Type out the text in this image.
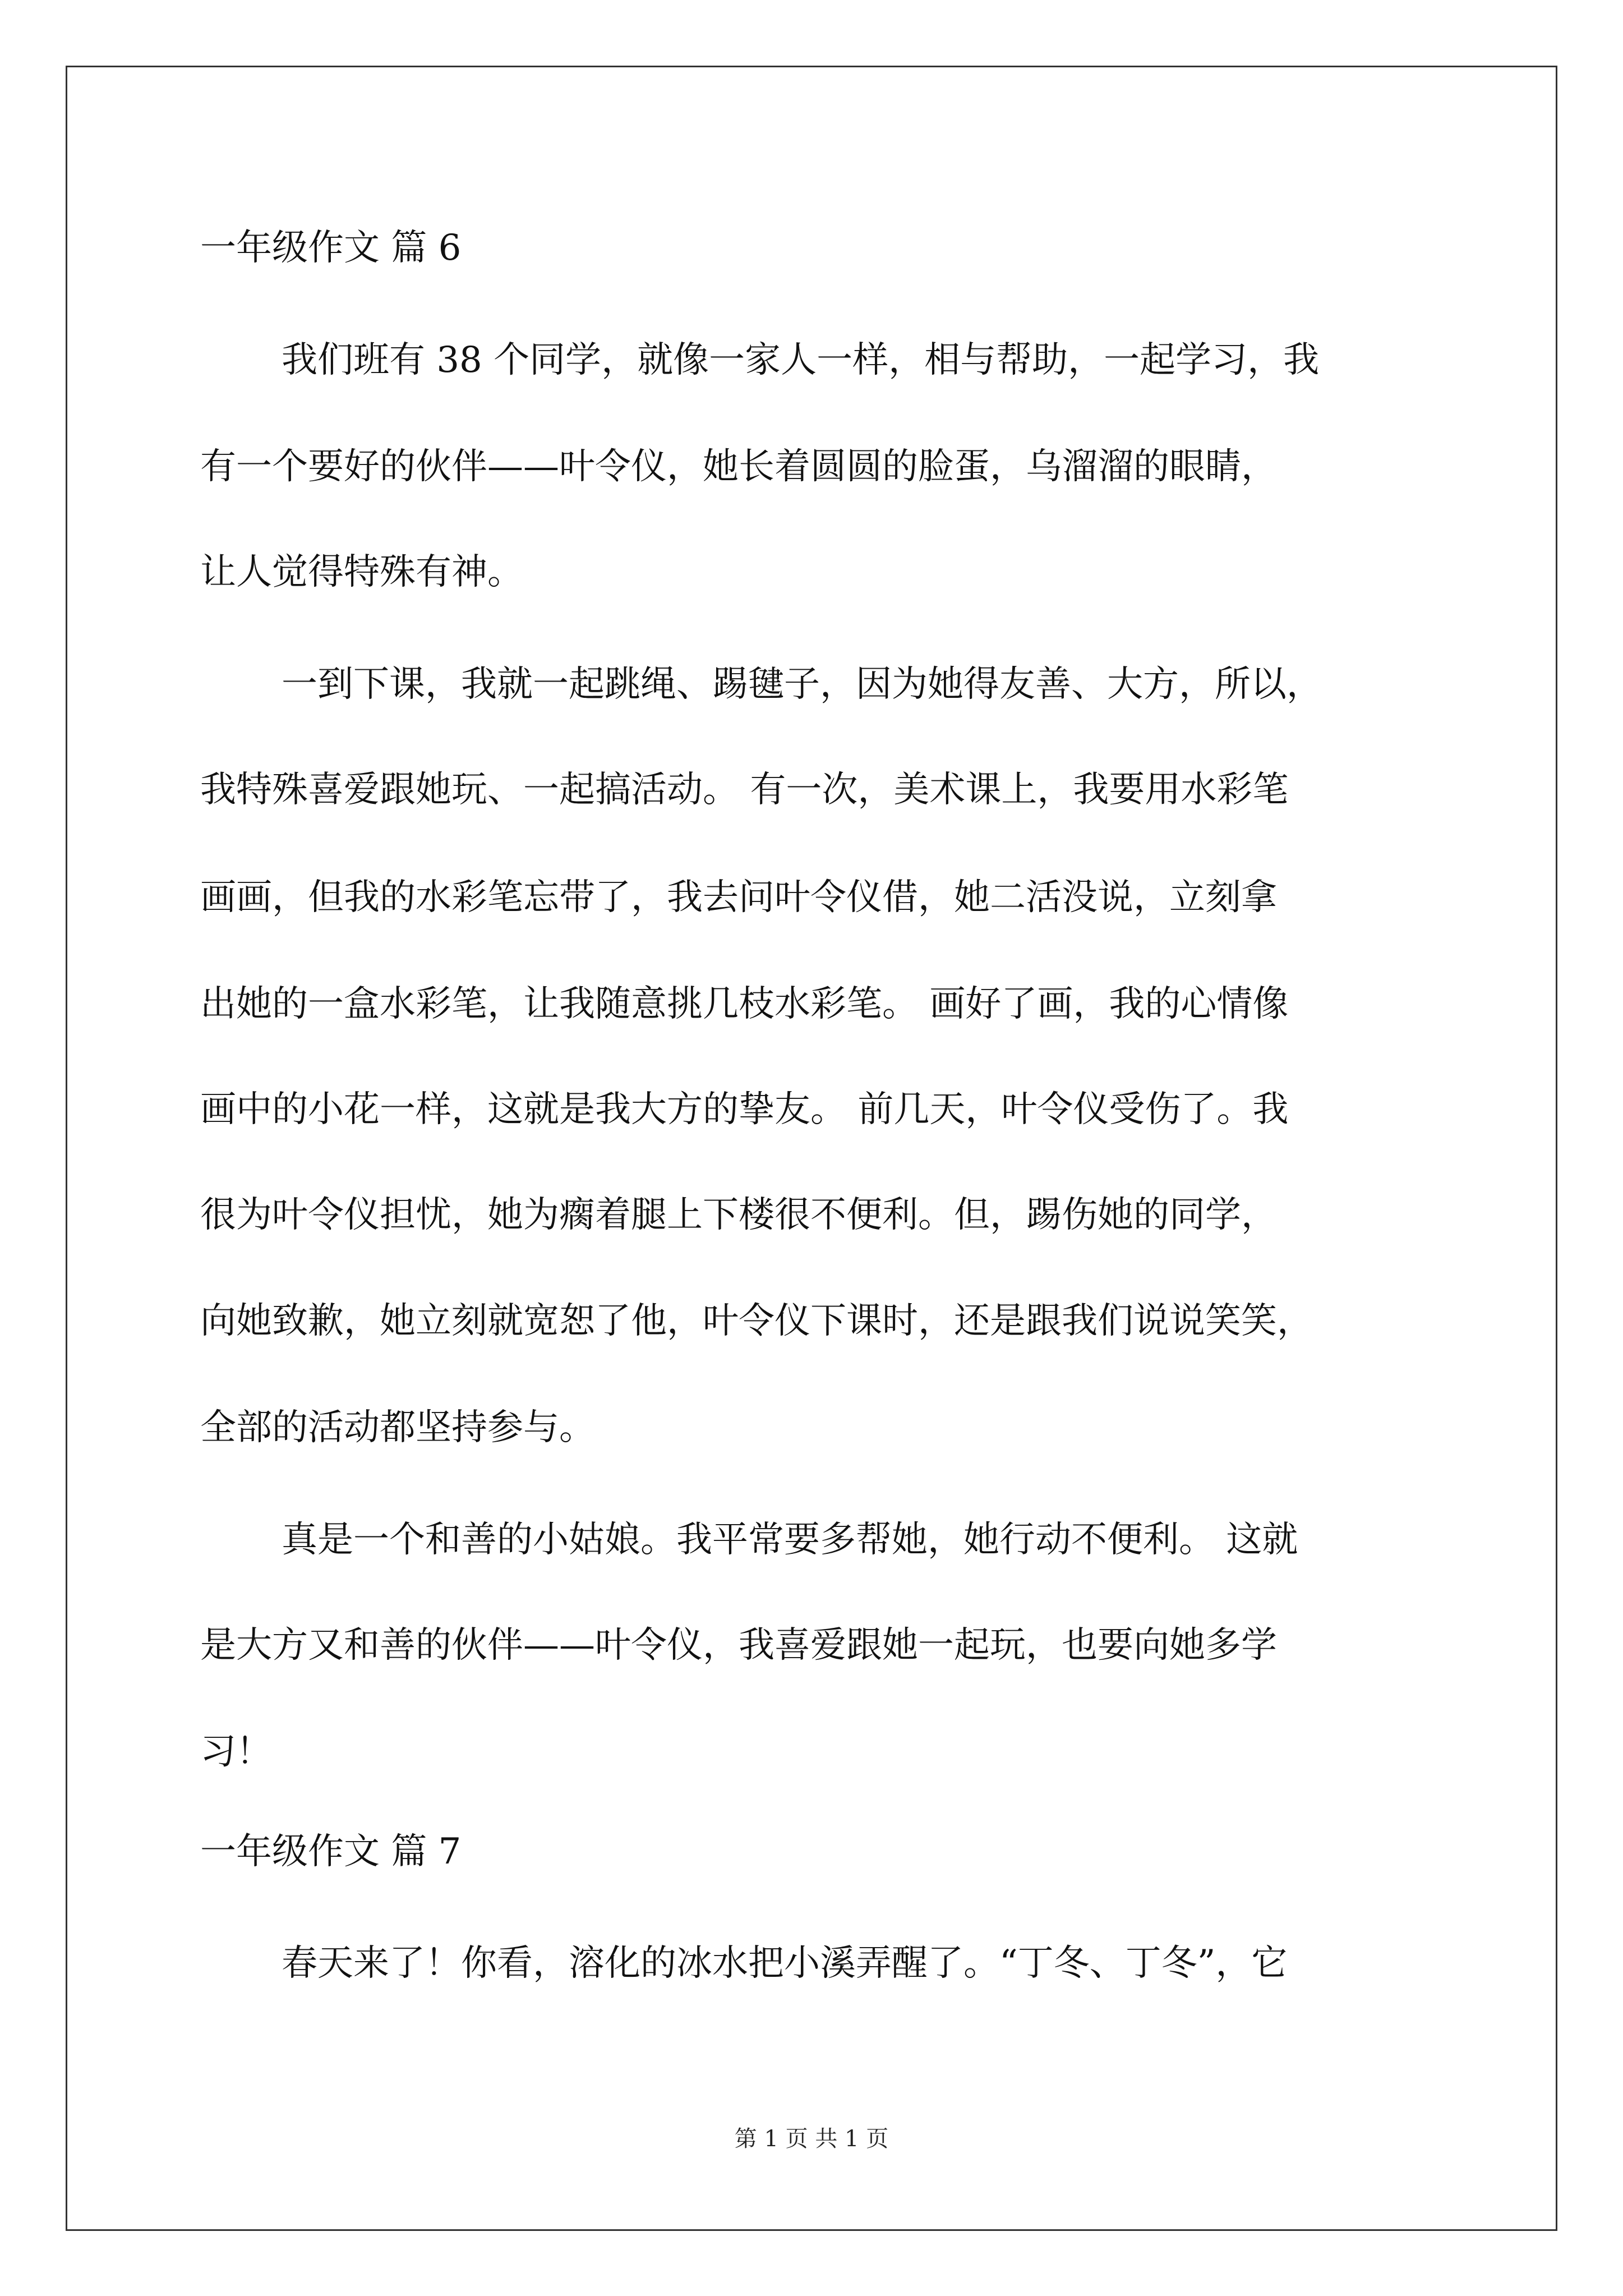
一年级作文 篇 6
我们班有 38 个同学，就像一家人一样，相与帮助，一起学习，我
有一个要好的伙伴——叶令仪，她长着圆圆的脸蛋，乌溜溜的眼睛，
让人觉得特殊有神。
一到下课，我就一起跳绳、踢毽子，因为她得友善、大方，所以，
我特殊喜爱跟她玩、一起搞活动。 有一次，美术课上，我要用水彩笔
画画，但我的水彩笔忘带了，我去问叶令仪借，她二活没说，立刻拿
出她的一盒水彩笔，让我随意挑几枝水彩笔。 画好了画，我的心情像
画中的小花一样，这就是我大方的挚友。 前几天，叶令仪受伤了。我
很为叶令仪担忧，她为瘸着腿上下楼很不便利。但，踢伤她的同学，
向她致歉，她立刻就宽恕了他，叶令仪下课时，还是跟我们说说笑笑，
全部的活动都坚持参与。
真是一个和善的小姑娘。我平常要多帮她，她行动不便利。 这就
是大方又和善的伙伴——叶令仪，我喜爱跟她一起玩，也要向她多学
习！
一年级作文 篇 7
春天来了！你看，溶化的冰水把小溪弄醒了。“丁冬、丁冬”，它
第 1 页 共 1 页
